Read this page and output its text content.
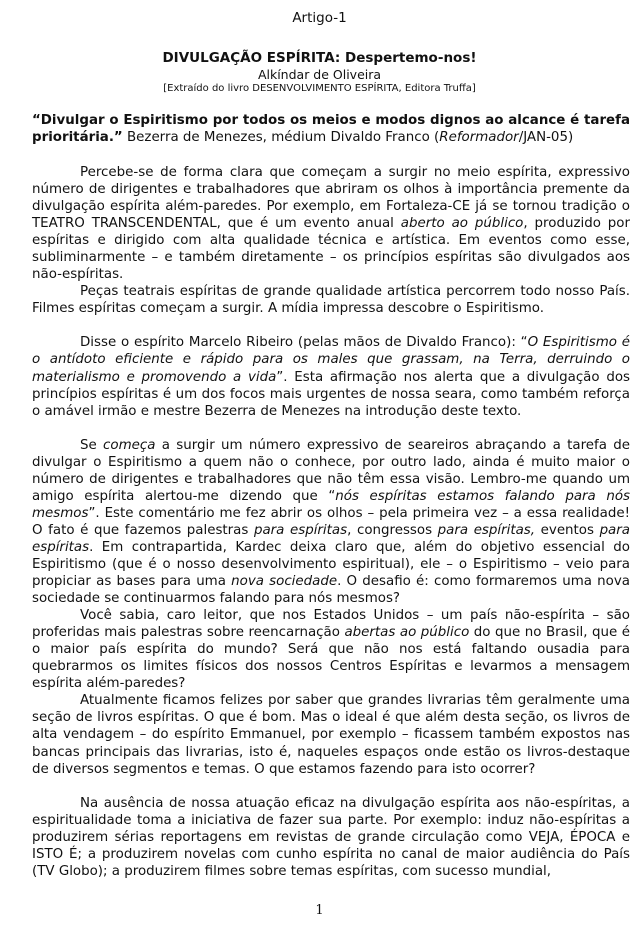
Artigo-1
DIVULGAÇÃO ESPÍRITA: Despertemo-nos!
Alkíndar de Oliveira
[Extraído do livro DESENVOLVIMENTO ESPÍRITA, Editora Truffa]

“Divulgar o Espiritismo por todos os meios e modos dignos ao alcance é tarefa prioritária.” Bezerra de Menezes, médium Divaldo Franco (Reformador/JAN-05)

Percebe-se de forma clara que começam a surgir no meio espírita, expressivo número de dirigentes e trabalhadores que abriram os olhos à importância premente da divulgação espírita além-paredes. Por exemplo, em Fortaleza-CE já se tornou tradição o TEATRO TRANSCENDENTAL, que é um evento anual aberto ao público, produzido por espíritas e dirigido com alta qualidade técnica e artística. Em eventos como esse, subliminarmente – e também diretamente – os princípios espíritas são divulgados aos não-espíritas.

Peças teatrais espíritas de grande qualidade artística percorrem todo nosso País. Filmes espíritas começam a surgir. A mídia impressa descobre o Espiritismo.

Disse o espírito Marcelo Ribeiro (pelas mãos de Divaldo Franco): “O Espiritismo é o antídoto eficiente e rápido para os males que grassam, na Terra, derruindo o materialismo e promovendo a vida”. Esta afirmação nos alerta que a divulgação dos princípios espíritas é um dos focos mais urgentes de nossa seara, como também reforça o amável irmão e mestre Bezerra de Menezes na introdução deste texto.

Se começa a surgir um número expressivo de seareiros abraçando a tarefa de divulgar o Espiritismo a quem não o conhece, por outro lado, ainda é muito maior o número de dirigentes e trabalhadores que não têm essa visão. Lembro-me quando um amigo espírita alertou-me dizendo que “nós espíritas estamos falando para nós mesmos”. Este comentário me fez abrir os olhos – pela primeira vez – a essa realidade! O fato é que fazemos palestras para espíritas, congressos para espíritas, eventos para espíritas. Em contrapartida, Kardec deixa claro que, além do objetivo essencial do Espiritismo (que é o nosso desenvolvimento espiritual), ele – o Espiritismo – veio para propiciar as bases para uma nova sociedade. O desafio é: como formaremos uma nova sociedade se continuarmos falando para nós mesmos?

Você sabia, caro leitor, que nos Estados Unidos – um país não-espírita – são proferidas mais palestras sobre reencarnação abertas ao público do que no Brasil, que é o maior país espírita do mundo? Será que não nos está faltando ousadia para quebrarmos os limites físicos dos nossos Centros Espíritas e levarmos a mensagem espírita além-paredes?

Atualmente ficamos felizes por saber que grandes livrarias têm geralmente uma seção de livros espíritas. O que é bom. Mas o ideal é que além desta seção, os livros de alta vendagem – do espírito Emmanuel, por exemplo – ficassem também expostos nas bancas principais das livrarias, isto é, naqueles espaços onde estão os livros-destaque de diversos segmentos e temas. O que estamos fazendo para isto ocorrer?

Na ausência de nossa atuação eficaz na divulgação espírita aos não-espíritas, a espiritualidade toma a iniciativa de fazer sua parte. Por exemplo: induz não-espíritas a produzirem sérias reportagens em revistas de grande circulação como VEJA, ÉPOCA e ISTO É; a produzirem novelas com cunho espírita no canal de maior audiência do País (TV Globo); a produzirem filmes sobre temas espíritas, com sucesso mundial,

1
